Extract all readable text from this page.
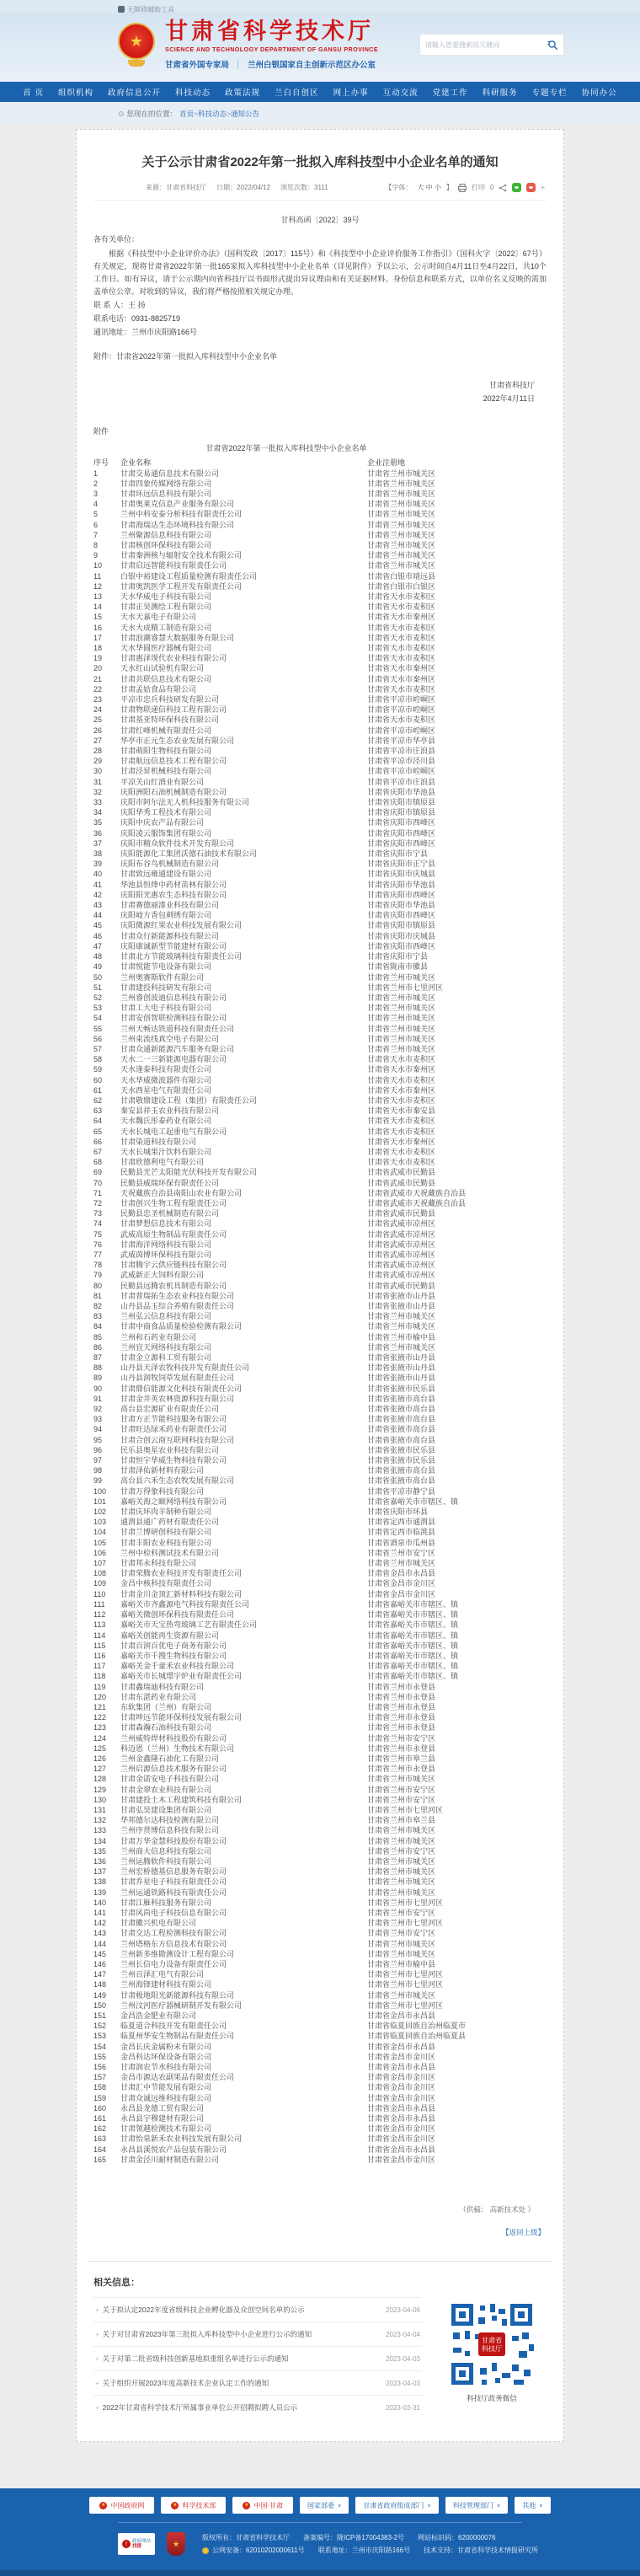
无障碍辅助工具
★ 甘肃省科学技术厅
SCIENCE AND TECHNOLOGY DEPARTMENT OF GANSU PROVINCE
甘肃省外国专家局 │ 兰州白银国家自主创新示范区办公室
请输入您要搜索的关键词
首 页 组织机构 政府信息公开 科技动态 政策法规 兰白自创区 网上办事 互动交流 党建工作 科研服务 专题专栏 协同办公
⊙ 您现在的位置： 首页>科技动态>通知公告
关于公示甘肃省2022年第一批拟入库科技型中小企业名单的通知
来源：甘肃省科技厅 日期：2022/04/12 浏览次数：3111	【字体： 大 中 小 】	打印 0	+
甘科高函〔2022〕39号
各有关单位：

根据《科技型中小企业评价办法》（国科发政〔2017〕115号）和《科技型中小企业评价服务工作指引》（国科火字〔2022〕67号）有关规定，现将甘肃省2022年第一批165家拟入库科技型中小企业名单（详见附件）予以公示，公示时间自4月11日至4月22日，共10个工作日。如有异议，请于公示期内向省科技厅以书面形式提出异议理由和有关证据材料、身份信息和联系方式，以单位名义反映的需加盖单位公章。对收到的异议，我们将严格按照相关规定办理。

联 系 人：王 扬
联系电话：0931-8825719
通讯地址：兰州市庆阳路166号
附件：甘肃省2022年第一批拟入库科技型中小企业名单
甘肃省科技厅
2022年4月11日
附件
甘肃省2022年第一批拟入库科技型中小企业名单
序号	企业名称	企业注册地
1	甘肃交易通信息技术有限公司	甘肃省兰州市城关区
2	甘肃四象传媒网络有限公司	甘肃省兰州市城关区
3	甘肃环远信息科技有限公司	甘肃省兰州市城关区
4	甘肃奥莱克信息产业服务有限公司	甘肃省兰州市城关区
5	兰州中科安泰分析科技有限责任公司	甘肃省兰州市城关区
6	甘肃海瑞达生态环境科技有限公司	甘肃省兰州市城关区
7	兰州聚源信息科技有限公司	甘肃省兰州市城关区
8	甘肃核创环保科技有限公司	甘肃省兰州市城关区
9	甘肃秦洲核与辐射安全技术有限公司	甘肃省兰州市城关区
10	甘肃启远智能科技有限责任公司	甘肃省兰州市城关区
11	白银中裕建设工程质量检测有限责任公司	甘肃省白银市靖远县
12	甘肃奥凯医学工程开发有限责任公司	甘肃省白银市白银区
13	天水华威电子科技有限公司	甘肃省天水市麦积区
14	甘肃正昊测绘工程有限公司	甘肃省天水市麦积区
15	天水天嘉电子有限公司	甘肃省天水市秦州区
16	天水大成精工制造有限公司	甘肃省天水市麦积区
17	甘肃浪潮睿慧大数据服务有限公司	甘肃省天水市麦积区
18	天水华圆医疗器械有限公司	甘肃省天水市麦积区
19	甘肃惠泽现代农业科技有限公司	甘肃省天水市麦积区
20	天水红山试验机有限公司	甘肃省天水市秦州区
21	甘肃共联信息技术有限公司	甘肃省天水市秦州区
22	甘肃孟姑食品有限公司	甘肃省天水市麦积区
23	平凉市忠兵科技研发有限公司	甘肃省平凉市崆峒区
24	甘肃物联递信科技工程有限公司	甘肃省平凉市崆峒区
25	甘肃基亚特环保科技有限公司	甘肃省天水市麦积区
26	甘肃红峰机械有限责任公司	甘肃省平凉市崆峒区
27	华亭市正元生态农业发展有限公司	甘肃省平凉市华亭县
28	甘肃萌阳生物科技有限公司	甘肃省平凉市庄浪县
29	甘肃航远信息技术工程有限公司	甘肃省平凉市泾川县
30	甘肃泾昇机械科技有限公司	甘肃省平凉市崆峒区
31	平凉关山红酒业有限公司	甘肃省平凉市庄浪县
32	庆阳洲阳石油机械制造有限公司	甘肃省庆阳市华池县
33	庆阳市阿尔法无人机科技服务有限公司	甘肃省庆阳市镇原县
34	庆阳华秀工程技术有限公司	甘肃省庆阳市镇原县
35	庆阳中庆农产品有限公司	甘肃省庆阳市西峰区
36	庆阳凌云服饰集团有限公司	甘肃省庆阳市西峰区
37	庆阳市精众软件技术开发有限公司	甘肃省庆阳市西峰区
38	庆阳能源化工集团沃德石油技术有限公司	甘肃省庆阳市宁县
39	庆阳布谷鸟机械制造有限公司	甘肃省庆阳市正宁县
40	甘肃致远雍通建设有限公司	甘肃省庆阳市庆城县
41	华池县恒烽中药材苗林有限公司	甘肃省庆阳市华池县
42	庆阳阳光惠农生态科技有限公司	甘肃省庆阳市西峰区
43	甘肃赛德丽漆业科技有限公司	甘肃省庆阳市华池县
44	庆阳岐方香包刺绣有限公司	甘肃省庆阳市西峰区
45	庆阳微源红果农业科技发展有限公司	甘肃省庆阳市镇原县
46	甘肃众行新能源科技有限公司	甘肃省庆阳市庆城县
47	庆阳康诚新型节能建材有限公司	甘肃省庆阳市西峰区
48	甘肃北方节能玻璃科技有限责任公司	甘肃省庆阳市宁县
49	甘肃悦能节电设备有限公司	甘肃省陇南市徽县
50	兰州奥赛斯软件有限公司	甘肃省兰州市城关区
51	甘肃建投科技研发有限公司	甘肃省兰州市七里河区
52	兰州睿创波迪信息科技有限公司	甘肃省兰州市城关区
53	甘肃工大电子科技有限公司	甘肃省兰州市城关区
54	甘肃安创智联检测科技有限公司	甘肃省兰州市城关区
55	兰州天畅达铁道科技有限责任公司	甘肃省兰州市城关区
56	兰州束流线真空电子有限公司	甘肃省兰州市城关区
57	甘肃众通新能源汽车服务有限公司	甘肃省兰州市城关区
58	天水二一三新能源电器有限公司	甘肃省天水市麦积区
59	天水逢泰科技有限责任公司	甘肃省天水市秦州区
60	天水华威微波器件有限公司	甘肃省天水市麦积区
61	天水西星电气有限责任公司	甘肃省天水市秦州区
62	甘肃敬鼎建设工程（集团）有限责任公司	甘肃省天水市麦积区
63	秦安县祥玉农业科技有限公司	甘肃省天水市秦安县
64	天水魏氏彤泰药业有限公司	甘肃省天水市麦积区
65	天水长城电工起重电气有限公司	甘肃省天水市麦积区
66	甘肃染道科技有限公司	甘肃省天水市秦州区
67	天水长城果汁饮料有限公司	甘肃省天水市麦积区
68	甘肃欣德利电气有限公司	甘肃省天水市麦积区
69	民勤县光芒太阳能光伏科技开发有限公司	甘肃省武威市民勤县
70	民勤县威瑞环保有限责任公司	甘肃省武威市民勤县
71	天祝藏族自治县南阳山农业有限公司	甘肃省武威市天祝藏族自治县
72	甘肃创兴生物工程有限责任公司	甘肃省武威市天祝藏族自治县
73	民勤县忠圣机械制造有限公司	甘肃省武威市民勤县
74	甘肃梦想信息技术有限公司	甘肃省武威市凉州区
75	武威高原生物制品有限责任公司	甘肃省武威市凉州区
76	甘肃海洋网络科技有限公司	甘肃省武威市凉州区
77	武威茵博环保科技有限公司	甘肃省武威市凉州区
78	甘肃腾宇云供应链科技有限公司	甘肃省武威市凉州区
79	武威新正大饲料有限公司	甘肃省武威市凉州区
80	民勤县远腾农机具制造有限公司	甘肃省武威市民勤县
81	甘肃普瑞拓生态农业科技有限公司	甘肃省张掖市山丹县
82	山丹县品玉综合养殖有限责任公司	甘肃省张掖市山丹县
83	兰州弘云信息科技有限公司	甘肃省兰州市城关区
84	甘肃中商食品质量检验检测有限公司	甘肃省兰州市城关区
85	兰州和石药业有限公司	甘肃省兰州市榆中县
86	兰州宜天网络科技有限公司	甘肃省兰州市城关区
87	甘肃金立源科工贸有限公司	甘肃省张掖市山丹县
88	山丹县天泽农牧科技开发有限责任公司	甘肃省张掖市山丹县
89	山丹县润牧饲草发展有限责任公司	甘肃省张掖市山丹县
90	甘肃鼎信能源文化科技有限责任公司	甘肃省张掖市民乐县
91	甘肃金井英农林资源科技有限公司	甘肃省张掖市高台县
92	高台县宏源矿业有限责任公司	甘肃省张掖市高台县
93	甘肃方正节能科技服务有限公司	甘肃省张掖市高台县
94	甘肃旺达绿禾药业有限责任公司	甘肃省张掖市高台县
95	甘肃合创云商互联网科技有限公司	甘肃省张掖市高台县
96	民乐县奥星农业科技有限公司	甘肃省张掖市民乐县
97	甘肃恒宇华威生物科技有限公司	甘肃省张掖市民乐县
98	甘肃泽佑新材料有限公司	甘肃省张掖市高台县
99	高台县六禾生态农牧发展有限公司	甘肃省张掖市高台县
100	甘肃万得象科技有限公司	甘肃省平凉市静宁县
101	嘉峪关海之颐网络科技有限公司	甘肃省嘉峪关市市辖区、镇
102	甘肃庆环肉羊制种有限公司	甘肃省庆阳市环县
103	通渭县通广药材有限责任公司	甘肃省定西市通渭县
104	甘肃兰博研创科技有限公司	甘肃省定西市临洮县
105	甘肃丰阳农业科技有限公司	甘肃省酒泉市瓜州县
106	兰州中检科测试技术有限公司	甘肃省兰州市安宁区
107	甘肃邦永科技有限公司	甘肃省兰州市城关区
108	甘肃荣腾农业科技开发有限责任公司	甘肃省金昌市永昌县
109	金昌中核科技有限责任公司	甘肃省金昌市金川区
110	甘肃金川金顶汇新材料科技有限公司	甘肃省金昌市金川区
111	嘉峪关市齐鑫源电气科技有限责任公司	甘肃省嘉峪关市市辖区、镇
112	嘉峪关微创环保科技有限责任公司	甘肃省嘉峪关市市辖区、镇
113	嘉峪关市天宝热弯玻璃工艺有限责任公司	甘肃省嘉峪关市市辖区、镇
114	嘉峪关创能再生资源有限公司	甘肃省嘉峪关市市辖区、镇
115	甘肃百润百优电子商务有限公司	甘肃省嘉峪关市市辖区、镇
116	嘉峪关市千搜生物科技有限公司	甘肃省嘉峪关市市辖区、镇
117	嘉峪关金千童禾农业科技有限公司	甘肃省嘉峪关市市辖区、镇
118	嘉峪关市长城璟宇炉业有限责任公司	甘肃省嘉峪关市市辖区、镇
119	甘肃鑫瑞迪科技有限公司	甘肃省兰州市永登县
120	甘肃东湛药业有限公司	甘肃省兰州市永登县
121	东软集团（兰州）有限公司	甘肃省兰州市永登县
122	甘肃坤远节能环保科技发展有限公司	甘肃省兰州市永登县
123	甘肃森瀚石油科技有限公司	甘肃省兰州市永登县
124	兰州威特焊材科技股份有限公司	甘肃省兰州市安宁区
125	科迈恩（兰州）生物技术有限公司	甘肃省兰州市永登县
126	兰州金鑫隆石油化工有限公司	甘肃省兰州市皋兰县
127	兰州启源信息技术服务有限公司	甘肃省兰州市永登县
128	甘肃金诺安电子科技有限公司	甘肃省兰州市城关区
129	甘肃金翠农业科技有限公司	甘肃省兰州市安宁区
130	甘肃建投土木工程建筑科技有限公司	甘肃省兰州市安宁区
131	甘肃弘昊建设集团有限公司	甘肃省兰州市七里河区
132	华邦德尔达科技检测有限公司	甘肃省兰州市皋兰县
133	兰州序贯博信息科技有限公司	甘肃省兰州市城关区
134	甘肃万华金慧科技股份有限公司	甘肃省兰州市城关区
135	兰州商大信息科技有限公司	甘肃省兰州市安宁区
136	兰州运腾软件科技有限公司	甘肃省兰州市城关区
137	兰州宏桥德基信息服务有限公司	甘肃省兰州市城关区
138	甘肃乔星电子科技有限责任公司	甘肃省兰州市城关区
139	兰州运通铁路科技有限责任公司	甘肃省兰州市城关区
140	甘肃江雁科技服务有限公司	甘肃省兰州市七里河区
141	甘肃风尚电子科技信息有限公司	甘肃省兰州市安宁区
142	甘肃徽兴机电有限公司	甘肃省兰州市七里河区
143	甘肃交达工程检测科技有限公司	甘肃省兰州市安宁区
144	兰州塔格东方信息技术有限公司	甘肃省兰州市城关区
145	兰州新多维勘测设计工程有限公司	甘肃省兰州市城关区
146	兰州长信电力设备有限责任公司	甘肃省兰州市榆中县
147	兰州百泽汇电气有限公司	甘肃省兰州市七里河区
148	兰州海锋建材科技有限公司	甘肃省兰州市七里河区
149	甘肃极地阳光新能源科技有限公司	甘肃省兰州市城关区
150	兰州汶河医疗器械研制开发有限公司	甘肃省兰州市七里河区
151	金昌浩金肥业有限公司	甘肃省金昌市永昌县
152	临夏道合科技开发有限责任公司	甘肃省临夏回族自治州临夏市
153	临夏州华安生物制品有限责任公司	甘肃省临夏回族自治州临夏县
154	金昌长庆金属粉末有限公司	甘肃省金昌市永昌县
155	金昌科达环保设备有限公司	甘肃省金昌市金川区
156	甘肃润农节水科技有限公司	甘肃省金昌市永昌县
157	金昌市源达农副果品有限责任公司	甘肃省金昌市金川区
158	甘肃汇中节能发展有限公司	甘肃省金昌市金川区
159	甘肃众诚远维科技有限公司	甘肃省金昌市金川区
160	永昌县龙德工贸有限公司	甘肃省金昌市永昌县
161	永昌县宇穆建材有限公司	甘肃省金昌市永昌县
162	甘肃领越检测技术有限公司	甘肃省金昌市金川区
163	甘肃怡泉新禾农业科技发展有限公司	甘肃省金昌市金川区
164	永昌县溪悦农产品包装有限公司	甘肃省金昌市永昌县
165	甘肃金泾川耐材制造有限公司	甘肃省金昌市金川区
（供稿： 高新技术处 ）
【返回上级】
相关信息：
+ 关于拟认定2022年度省级科技企业孵化器及众创空间名单的公示	2023-04-06
+ 关于对甘肃省2023年第三批拟入库科技型中小企业进行公示的通知	2023-04-04
+ 关于对第二批省级科技创新基地拟重组名单进行公示的通知	2023-04-03
+ 关于组织开展2023年度高新技术企业认定工作的通知	2023-04-03
+ 2022年甘肃省科学技术厅所属事业单位公开招聘拟聘人员公示	2023-03-31
甘肃省
科技厅
科技厅政务微信
★ 中国政府网	★ 科学技术部	★ 中国·甘肃	国家部委 ∨	甘肃省政府组成部门 ∨	科技管理部门 ∨	其他 ∨
!	政府网站
找错	★
版权所有：甘肃省科学技术厅　　备案编号：陇ICP备17004383-2号　　网站标识码：6200000076
公网安备：62010202000611号　　联系地址：兰州市庆阳路166号　　技术支持：甘肃省科学技术情报研究所
